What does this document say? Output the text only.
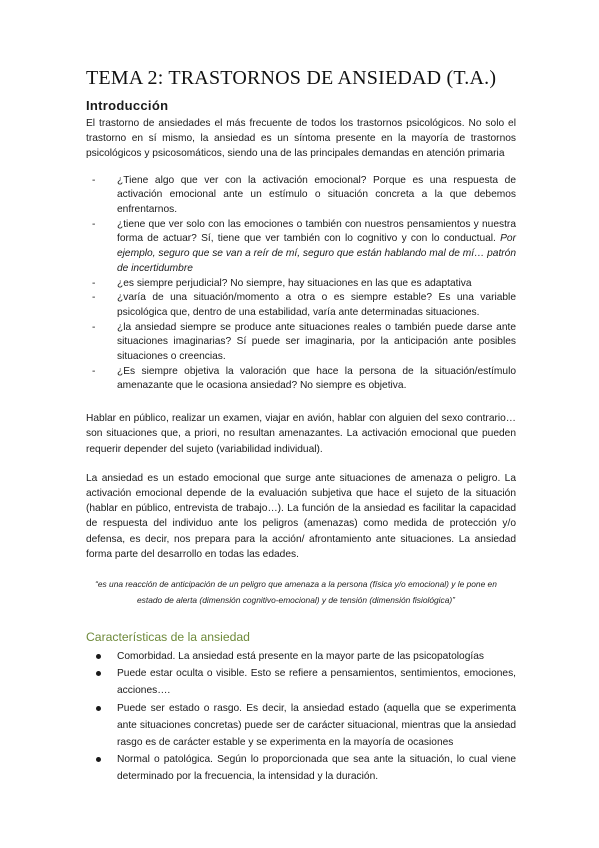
TEMA 2: TRASTORNOS DE ANSIEDAD (T.A.)
Introducción

El trastorno de ansiedades el más frecuente de todos los trastornos psicológicos. No solo el trastorno en sí mismo, la ansiedad es un síntoma presente en la mayoría de trastornos psicológicos y psicosomáticos, siendo una de las principales demandas en atención primaria

- ¿Tiene algo que ver con la activación emocional? Porque es una respuesta de activación emocional ante un estímulo o situación concreta a la que debemos enfrentarnos.
- ¿tiene que ver solo con las emociones o también con nuestros pensamientos y nuestra forma de actuar? Sí, tiene que ver también con lo cognitivo y con lo conductual. Por ejemplo, seguro que se van a reír de mí, seguro que están hablando mal de mí… patrón de incertidumbre
- ¿es siempre perjudicial? No siempre, hay situaciones en las que es adaptativa
- ¿varía de una situación/momento a otra o es siempre estable? Es una variable psicológica que, dentro de una estabilidad, varía ante determinadas situaciones.
- ¿la ansiedad siempre se produce ante situaciones reales o también puede darse ante situaciones imaginarias? Sí puede ser imaginaria, por la anticipación ante posibles situaciones o creencias.
- ¿Es siempre objetiva la valoración que hace la persona de la situación/estímulo amenazante que le ocasiona ansiedad? No siempre es objetiva.

Hablar en público, realizar un examen, viajar en avión, hablar con alguien del sexo contrario… son situaciones que, a priori, no resultan amenazantes. La activación emocional que pueden requerir depender del sujeto (variabilidad individual).

La ansiedad es un estado emocional que surge ante situaciones de amenaza o peligro. La activación emocional depende de la evaluación subjetiva que hace el sujeto de la situación (hablar en público, entrevista de trabajo…). La función de la ansiedad es facilitar la capacidad de respuesta del individuo ante los peligros (amenazas) como medida de protección y/o defensa, es decir, nos prepara para la acción/ afrontamiento ante situaciones. La ansiedad forma parte del desarrollo en todas las edades.

“es una reacción de anticipación de un peligro que amenaza a la persona (física y/o emocional) y le pone en estado de alerta (dimensión cognitivo-emocional) y de tensión (dimensión fisiológica)”
Características de la ansiedad
Comorbidad. La ansiedad está presente en la mayor parte de las psicopatologías
Puede estar oculta o visible. Esto se refiere a pensamientos, sentimientos, emociones, acciones….
Puede ser estado o rasgo. Es decir, la ansiedad estado (aquella que se experimenta ante situaciones concretas) puede ser de carácter situacional, mientras que la ansiedad rasgo es de carácter estable y se experimenta en la mayoría de ocasiones
Normal o patológica. Según lo proporcionada que sea ante la situación, lo cual viene determinado por la frecuencia, la intensidad y la duración.
